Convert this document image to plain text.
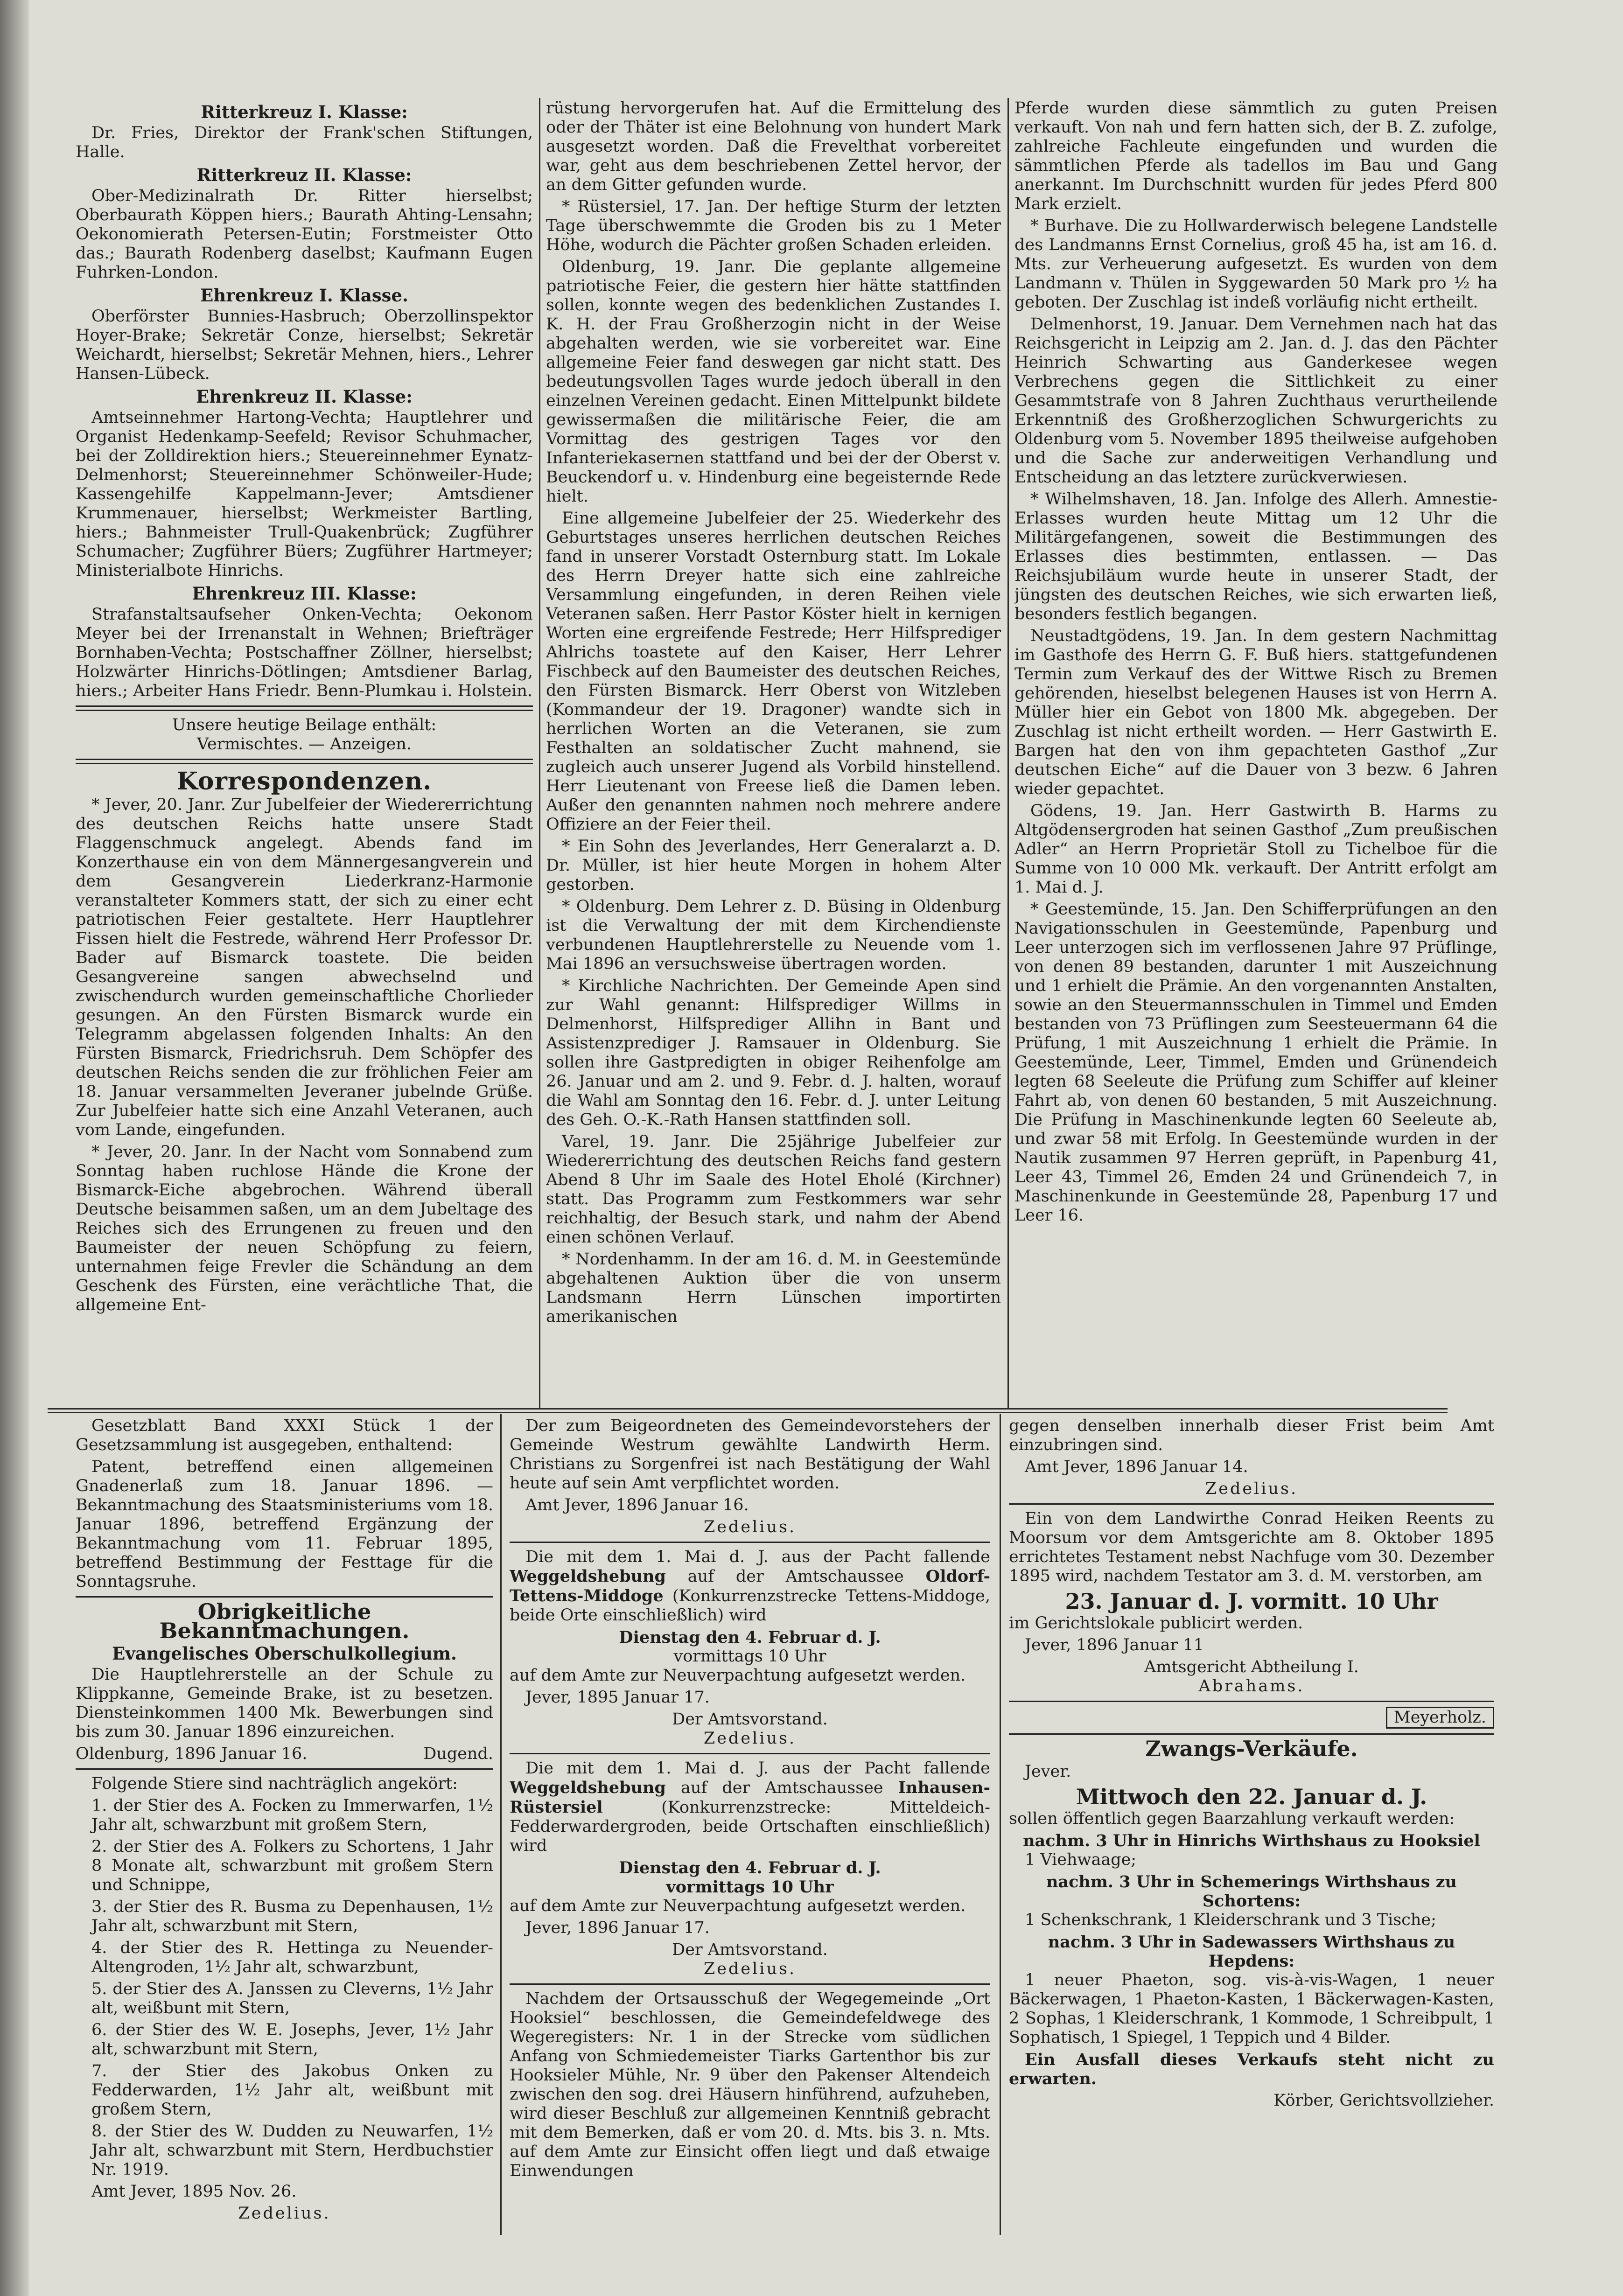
Ritterkreuz I. Klasse:

Dr. Fries, Direktor der Frank'schen Stiftungen, Halle.

Ritterkreuz II. Klasse:

Ober-Medizinalrath Dr. Ritter hierselbst; Oberbaurath Köppen hiers.; Baurath Ahting-Lensahn; Oekonomierath Petersen-Eutin; Forstmeister Otto das.; Baurath Rodenberg daselbst; Kaufmann Eugen Fuhrken-London.

Ehrenkreuz I. Klasse.

Oberförster Bunnies-Hasbruch; Oberzollinspektor Hoyer-Brake; Sekretär Conze, hierselbst; Sekretär Weichardt, hierselbst; Sekretär Mehnen, hiers., Lehrer Hansen-Lübeck.

Ehrenkreuz II. Klasse:

Amtseinnehmer Hartong-Vechta; Hauptlehrer und Organist Hedenkamp-Seefeld; Revisor Schuhmacher, bei der Zolldirektion hiers.; Steuereinnehmer Eynatz-Delmenhorst; Steuereinnehmer Schönweiler-Hude; Kassengehilfe Kappelmann-Jever; Amtsdiener Krummenauer, hierselbst; Werkmeister Bartling, hiers.; Bahnmeister Trull-Quakenbrück; Zugführer Schumacher; Zugführer Büers; Zugführer Hartmeyer; Ministerialbote Hinrichs.

Ehrenkreuz III. Klasse:

Strafanstaltsaufseher Onken-Vechta; Oekonom Meyer bei der Irrenanstalt in Wehnen; Briefträger Bornhaben-Vechta; Postschaffner Zöllner, hierselbst; Holzwärter Hinrichs-Dötlingen; Amtsdiener Barlag, hiers.; Arbeiter Hans Friedr. Benn-Plumkau i. Holstein.

Unsere heutige Beilage enthält:
Vermischtes. — Anzeigen.
Korrespondenzen.

* Jever, 20. Janr. Zur Jubelfeier der Wiedererrichtung des deutschen Reichs hatte unsere Stadt Flaggenschmuck angelegt. Abends fand im Konzerthause ein von dem Männergesangverein und dem Gesangverein Liederkranz-Harmonie veranstalteter Kommers statt, der sich zu einer echt patriotischen Feier gestaltete. Herr Hauptlehrer Fissen hielt die Festrede, während Herr Professor Dr. Bader auf Bismarck toastete. Die beiden Gesangvereine sangen abwechselnd und zwischendurch wurden gemeinschaftliche Chorlieder gesungen. An den Fürsten Bismarck wurde ein Telegramm abgelassen folgenden Inhalts: An den Fürsten Bismarck, Friedrichsruh. Dem Schöpfer des deutschen Reichs senden die zur fröhlichen Feier am 18. Januar versammelten Jeveraner jubelnde Grüße. Zur Jubelfeier hatte sich eine Anzahl Veteranen, auch vom Lande, eingefunden.

* Jever, 20. Janr. In der Nacht vom Sonnabend zum Sonntag haben ruchlose Hände die Krone der Bismarck-Eiche abgebrochen. Während überall Deutsche beisammen saßen, um an dem Jubeltage des Reiches sich des Errungenen zu freuen und den Baumeister der neuen Schöpfung zu feiern, unternahmen feige Frevler die Schändung an dem Geschenk des Fürsten, eine verächtliche That, die allgemeine Ent-

rüstung hervorgerufen hat. Auf die Ermittelung des oder der Thäter ist eine Belohnung von hundert Mark ausgesetzt worden. Daß die Frevelthat vorbereitet war, geht aus dem beschriebenen Zettel hervor, der an dem Gitter gefunden wurde.

* Rüstersiel, 17. Jan. Der heftige Sturm der letzten Tage überschwemmte die Groden bis zu 1 Meter Höhe, wodurch die Pächter großen Schaden erleiden.

Oldenburg, 19. Janr. Die geplante allgemeine patriotische Feier, die gestern hier hätte stattfinden sollen, konnte wegen des bedenklichen Zustandes I. K. H. der Frau Großherzogin nicht in der Weise abgehalten werden, wie sie vorbereitet war. Eine allgemeine Feier fand deswegen gar nicht statt. Des bedeutungsvollen Tages wurde jedoch überall in den einzelnen Vereinen gedacht. Einen Mittelpunkt bildete gewissermaßen die militärische Feier, die am Vormittag des gestrigen Tages vor den Infanteriekasernen stattfand und bei der der Oberst v. Beuckendorf u. v. Hindenburg eine begeisternde Rede hielt.

Eine allgemeine Jubelfeier der 25. Wiederkehr des Geburtstages unseres herrlichen deutschen Reiches fand in unserer Vorstadt Osternburg statt. Im Lokale des Herrn Dreyer hatte sich eine zahlreiche Versammlung eingefunden, in deren Reihen viele Veteranen saßen. Herr Pastor Köster hielt in kernigen Worten eine ergreifende Festrede; Herr Hilfsprediger Ahlrichs toastete auf den Kaiser, Herr Lehrer Fischbeck auf den Baumeister des deutschen Reiches, den Fürsten Bismarck. Herr Oberst von Witzleben (Kommandeur der 19. Dragoner) wandte sich in herrlichen Worten an die Veteranen, sie zum Festhalten an soldatischer Zucht mahnend, sie zugleich auch unserer Jugend als Vorbild hinstellend. Herr Lieutenant von Freese ließ die Damen leben. Außer den genannten nahmen noch mehrere andere Offiziere an der Feier theil.

* Ein Sohn des Jeverlandes, Herr Generalarzt a. D. Dr. Müller, ist hier heute Morgen in hohem Alter gestorben.

* Oldenburg. Dem Lehrer z. D. Büsing in Oldenburg ist die Verwaltung der mit dem Kirchendienste verbundenen Hauptlehrerstelle zu Neuende vom 1. Mai 1896 an versuchsweise übertragen worden.

* Kirchliche Nachrichten. Der Gemeinde Apen sind zur Wahl genannt: Hilfsprediger Willms in Delmenhorst, Hilfsprediger Allihn in Bant und Assistenzprediger J. Ramsauer in Oldenburg. Sie sollen ihre Gastpredigten in obiger Reihenfolge am 26. Januar und am 2. und 9. Febr. d. J. halten, worauf die Wahl am Sonntag den 16. Febr. d. J. unter Leitung des Geh. O.-K.-Rath Hansen stattfinden soll.

Varel, 19. Janr. Die 25jährige Jubelfeier zur Wiedererrichtung des deutschen Reichs fand gestern Abend 8 Uhr im Saale des Hotel Eholé (Kirchner) statt. Das Programm zum Festkommers war sehr reichhaltig, der Besuch stark, und nahm der Abend einen schönen Verlauf.

* Nordenhamm. In der am 16. d. M. in Geestemünde abgehaltenen Auktion über die von unserm Landsmann Herrn Lünschen importirten amerikanischen

Pferde wurden diese sämmtlich zu guten Preisen verkauft. Von nah und fern hatten sich, der B. Z. zufolge, zahlreiche Fachleute eingefunden und wurden die sämmtlichen Pferde als tadellos im Bau und Gang anerkannt. Im Durchschnitt wurden für jedes Pferd 800 Mark erzielt.

* Burhave. Die zu Hollwarderwisch belegene Landstelle des Landmanns Ernst Cornelius, groß 45 ha, ist am 16. d. Mts. zur Verheuerung aufgesetzt. Es wurden von dem Landmann v. Thülen in Syggewarden 50 Mark pro ½ ha geboten. Der Zuschlag ist indeß vorläufig nicht ertheilt.

Delmenhorst, 19. Januar. Dem Vernehmen nach hat das Reichsgericht in Leipzig am 2. Jan. d. J. das den Pächter Heinrich Schwarting aus Ganderkesee wegen Verbrechens gegen die Sittlichkeit zu einer Gesammtstrafe von 8 Jahren Zuchthaus verurtheilende Erkenntniß des Großherzoglichen Schwurgerichts zu Oldenburg vom 5. November 1895 theilweise aufgehoben und die Sache zur anderweitigen Verhandlung und Entscheidung an das letztere zurückverwiesen.

* Wilhelmshaven, 18. Jan. Infolge des Allerh. Amnestie-Erlasses wurden heute Mittag um 12 Uhr die Militärgefangenen, soweit die Bestimmungen des Erlasses dies bestimmten, entlassen. — Das Reichsjubiläum wurde heute in unserer Stadt, der jüngsten des deutschen Reiches, wie sich erwarten ließ, besonders festlich begangen.

Neustadtgödens, 19. Jan. In dem gestern Nachmittag im Gasthofe des Herrn G. F. Buß hiers. stattgefundenen Termin zum Verkauf des der Wittwe Risch zu Bremen gehörenden, hieselbst belegenen Hauses ist von Herrn A. Müller hier ein Gebot von 1800 Mk. abgegeben. Der Zuschlag ist nicht ertheilt worden. — Herr Gastwirth E. Bargen hat den von ihm gepachteten Gasthof „Zur deutschen Eiche“ auf die Dauer von 3 bezw. 6 Jahren wieder gepachtet.

Gödens, 19. Jan. Herr Gastwirth B. Harms zu Altgödensergroden hat seinen Gasthof „Zum preußischen Adler“ an Herrn Proprietär Stoll zu Tichelboe für die Summe von 10 000 Mk. verkauft. Der Antritt erfolgt am 1. Mai d. J.

* Geestemünde, 15. Jan. Den Schifferprüfungen an den Navigationsschulen in Geestemünde, Papenburg und Leer unterzogen sich im verflossenen Jahre 97 Prüflinge, von denen 89 bestanden, darunter 1 mit Auszeichnung und 1 erhielt die Prämie. An den vorgenannten Anstalten, sowie an den Steuermannsschulen in Timmel und Emden bestanden von 73 Prüflingen zum Seesteuermann 64 die Prüfung, 1 mit Auszeichnung 1 erhielt die Prämie. In Geestemünde, Leer, Timmel, Emden und Grünendeich legten 68 Seeleute die Prüfung zum Schiffer auf kleiner Fahrt ab, von denen 60 bestanden, 5 mit Auszeichnung. Die Prüfung in Maschinenkunde legten 60 Seeleute ab, und zwar 58 mit Erfolg. In Geestemünde wurden in der Nautik zusammen 97 Herren geprüft, in Papenburg 41, Leer 43, Timmel 26, Emden 24 und Grünendeich 7, in Maschinenkunde in Geestemünde 28, Papenburg 17 und Leer 16.

Gesetzblatt Band XXXI Stück 1 der Gesetzsammlung ist ausgegeben, enthaltend:

Patent, betreffend einen allgemeinen Gnadenerlaß zum 18. Januar 1896. — Bekanntmachung des Staatsministeriums vom 18. Januar 1896, betreffend Ergänzung der Bekanntmachung vom 11. Februar 1895, betreffend Bestimmung der Festtage für die Sonntagsruhe.

Obrigkeitliche Bekanntmachungen.
Evangelisches Oberschulkollegium.

Die Hauptlehrerstelle an der Schule zu Klippkanne, Gemeinde Brake, ist zu besetzen. Diensteinkommen 1400 Mk. Bewerbungen sind bis zum 30. Januar 1896 einzureichen.

Oldenburg, 1896 Januar 16.	Dugend.

Folgende Stiere sind nachträglich angekört:

1. der Stier des A. Focken zu Immerwarfen, 1½ Jahr alt, schwarzbunt mit großem Stern,

2. der Stier des A. Folkers zu Schortens, 1 Jahr 8 Monate alt, schwarzbunt mit großem Stern und Schnippe,

3. der Stier des R. Busma zu Depenhausen, 1½ Jahr alt, schwarzbunt mit Stern,

4. der Stier des R. Hettinga zu Neuender-Altengroden, 1½ Jahr alt, schwarzbunt,

5. der Stier des A. Janssen zu Cleverns, 1½ Jahr alt, weißbunt mit Stern,

6. der Stier des W. E. Josephs, Jever, 1½ Jahr alt, schwarzbunt mit Stern,

7. der Stier des Jakobus Onken zu Fedderwarden, 1½ Jahr alt, weißbunt mit großem Stern,

8. der Stier des W. Dudden zu Neuwarfen, 1½ Jahr alt, schwarzbunt mit Stern, Herdbuchstier Nr. 1919.

Amt Jever, 1895 Nov. 26.

Zedelius.

Der zum Beigeordneten des Gemeindevorstehers der Gemeinde Westrum gewählte Landwirth Herm. Christians zu Sorgenfrei ist nach Bestätigung der Wahl heute auf sein Amt verpflichtet worden.

Amt Jever, 1896 Januar 16.

Zedelius.

Die mit dem 1. Mai d. J. aus der Pacht fallende Weggeldshebung auf der Amtschaussee Oldorf-Tettens-Middoge (Konkurrenzstrecke Tettens-Middoge, beide Orte einschließlich) wird

Dienstag den 4. Februar d. J.
vormittags 10 Uhr

auf dem Amte zur Neuverpachtung aufgesetzt werden.

Jever, 1895 Januar 17.

Der Amtsvorstand.
Zedelius.

Die mit dem 1. Mai d. J. aus der Pacht fallende Weggeldshebung auf der Amtschaussee Inhausen-Rüstersiel	(Konkurrenzstrecke: Mitteldeich-Fedderwardergroden, beide Ortschaften einschließlich) wird

Dienstag den 4. Februar d. J.
vormittags 10 Uhr

auf dem Amte zur Neuverpachtung aufgesetzt werden.

Jever, 1896 Januar 17.

Der Amtsvorstand.
Zedelius.

Nachdem der Ortsausschuß der Wegegemeinde „Ort Hooksiel“ beschlossen, die Gemeindefeldwege des Wegeregisters: Nr. 1 in der Strecke vom südlichen Anfang von Schmiedemeister Tiarks Gartenthor bis zur Hooksieler Mühle, Nr. 9 über den Pakenser Altendeich zwischen den sog. drei Häusern hinführend, aufzuheben, wird dieser Beschluß zur allgemeinen Kenntniß gebracht mit dem Bemerken, daß er vom 20. d. Mts. bis 3. n. Mts. auf dem Amte zur Einsicht offen liegt und daß etwaige Einwendungen

gegen denselben innerhalb dieser Frist beim Amt einzubringen sind.

Amt Jever, 1896 Januar 14.

Zedelius.

Ein von dem Landwirthe Conrad Heiken Reents zu Moorsum vor dem Amtsgerichte am 8. Oktober 1895 errichtetes Testament nebst Nachfuge vom 30. Dezember 1895 wird, nachdem Testator am 3. d. M. verstorben, am

23. Januar d. J. vormitt. 10 Uhr

im Gerichtslokale publicirt werden.

Jever, 1896 Januar 11

Amtsgericht Abtheilung I.
Abrahams.
Meyerholz.
Zwangs-Verkäufe.

Jever.

Mittwoch den 22. Januar d. J.

sollen öffentlich gegen Baarzahlung verkauft werden:

nachm. 3 Uhr in Hinrichs Wirthshaus zu Hooksiel

1 Viehwaage;

nachm. 3 Uhr in Schemerings Wirthshaus zu Schortens:

1 Schenkschrank, 1 Kleiderschrank und 3 Tische;

nachm. 3 Uhr in Sadewassers Wirthshaus zu Hepdens:

1 neuer Phaeton, sog. vis-à-vis-Wagen, 1 neuer Bäckerwagen, 1 Phaeton-Kasten, 1 Bäckerwagen-Kasten, 2 Sophas, 1 Kleiderschrank, 1 Kommode, 1 Schreibpult, 1 Sophatisch, 1 Spiegel, 1 Teppich und 4 Bilder.

Ein Ausfall dieses Verkaufs steht nicht zu erwarten.

Körber, Gerichtsvollzieher.
